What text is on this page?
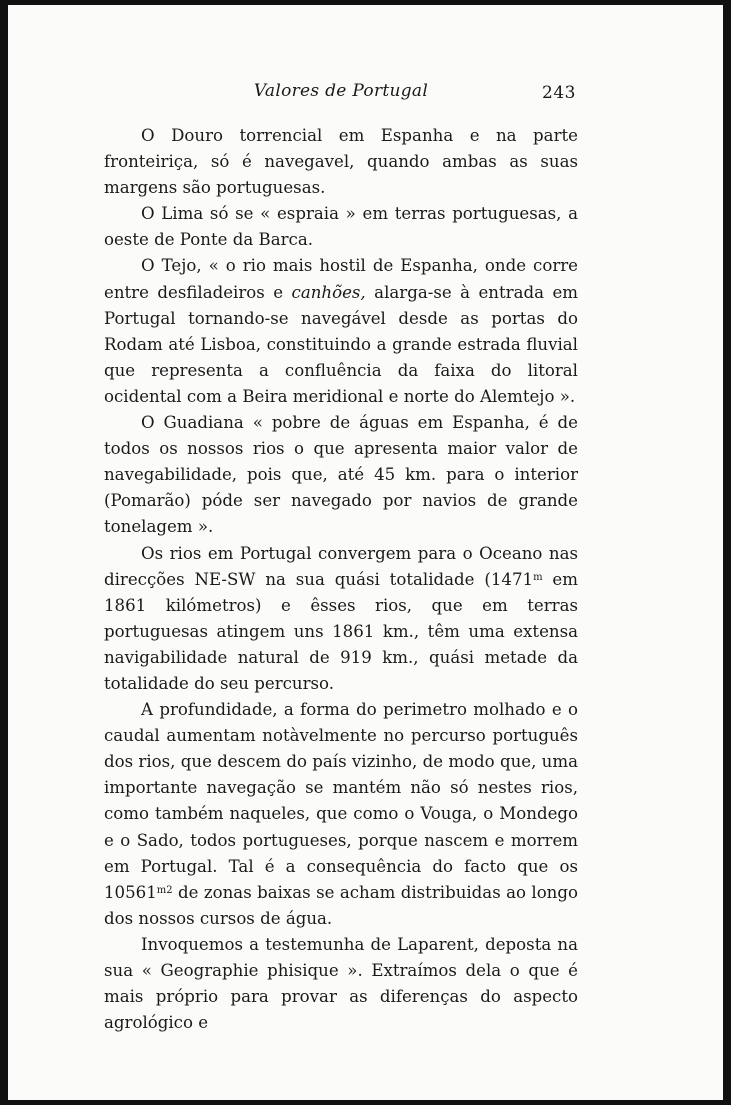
Valores de Portugal	243

O Douro torrencial em Espanha e na parte fronteiriça, só é navegavel, quando ambas as suas margens são portuguesas.

O Lima só se « espraia » em terras portuguesas, a oeste de Ponte da Barca.

O Tejo, « o rio mais hostil de Espanha, onde corre entre desfiladeiros e canhões, alarga-se à entrada em Portugal tornando-se navegável desde as portas do Rodam até Lisboa, constituindo a grande estrada fluvial que representa a confluência da faixa do litoral ocidental com a Beira meridional e norte do Alemtejo ».

O Guadiana « pobre de águas em Espanha, é de todos os nossos rios o que apresenta maior valor de navegabilidade, pois que, até 45 km. para o interior (Pomarão) póde ser navegado por navios de grande tonelagem ».

Os rios em Portugal convergem para o Oceano nas direcções NE-SW na sua quási totalidade (1471$^m$ em 1861 kilómetros) e êsses rios, que em terras portuguesas atingem uns 1861 km., têm uma extensa navigabilidade natural de 919 km., quási metade da totalidade do seu percurso.

A profundidade, a forma do perimetro molhado e o caudal aumentam notàvelmente no percurso português dos rios, que descem do país vizinho, de modo que, uma importante navegação se mantém não só nestes rios, como também naqueles, que como o Vouga, o Mondego e o Sado, todos portugueses, porque nascem e morrem em Portugal. Tal é a consequência do facto que os $10561^{m2}$ de zonas baixas se acham distribuidas ao longo dos nossos cursos de água.

Invoquemos a testemunha de Laparent, deposta na sua « Geographie phisique ». Extraímos dela o que é mais próprio para provar as diferenças do aspecto agrológico e
